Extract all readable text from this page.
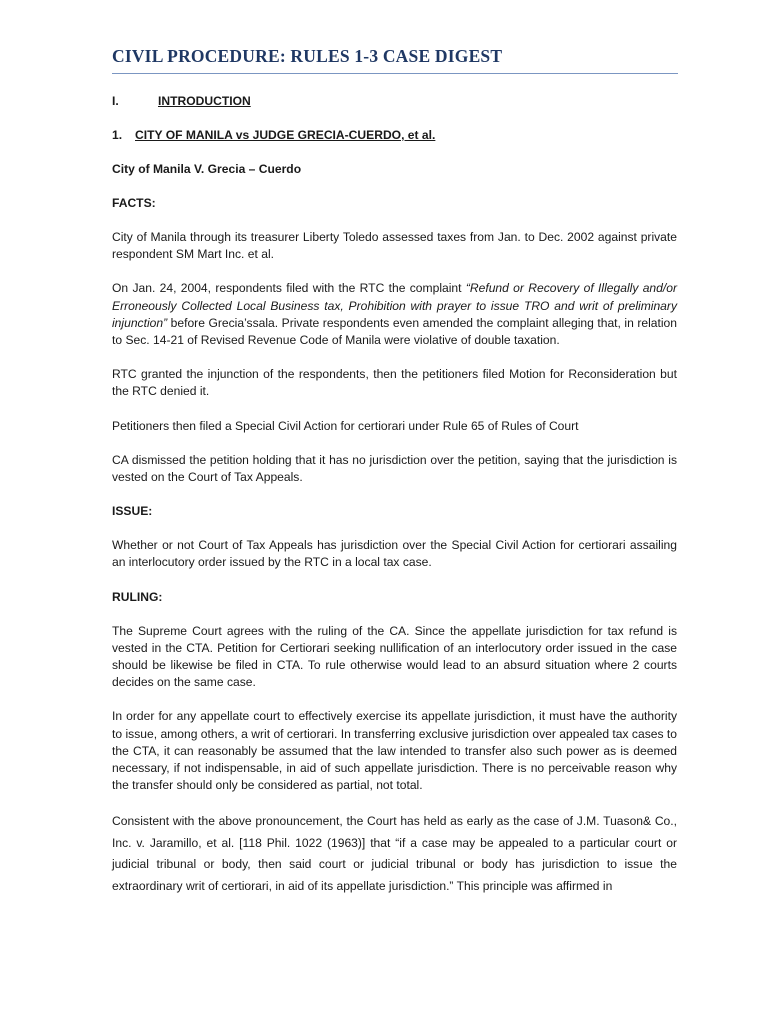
CIVIL PROCEDURE: RULES 1-3 CASE DIGEST
I.	INTRODUCTION
1. CITY OF MANILA vs JUDGE GRECIA-CUERDO, et al.
City of Manila V. Grecia – Cuerdo
FACTS:

City of Manila through its treasurer Liberty Toledo assessed taxes from Jan. to Dec. 2002 against private respondent SM Mart Inc. et al.

On Jan. 24, 2004, respondents filed with the RTC the complaint “Refund or Recovery of Illegally and/or Erroneously Collected Local Business tax, Prohibition with prayer to issue TRO and writ of preliminary injunction” before Grecia’ssala. Private respondents even amended the complaint alleging that, in relation to Sec. 14-21 of Revised Revenue Code of Manila were violative of double taxation.

RTC granted the injunction of the respondents, then the petitioners filed Motion for Reconsideration but the RTC denied it.

Petitioners then filed a Special Civil Action for certiorari under Rule 65 of Rules of Court

CA dismissed the petition holding that it has no jurisdiction over the petition, saying that the jurisdiction is vested on the Court of Tax Appeals.

ISSUE:

Whether or not Court of Tax Appeals has jurisdiction over the Special Civil Action for certiorari assailing an interlocutory order issued by the RTC in a local tax case.

RULING:

The Supreme Court agrees with the ruling of the CA. Since the appellate jurisdiction for tax refund is vested in the CTA. Petition for Certiorari seeking nullification of an interlocutory order issued in the case should be likewise be filed in CTA. To rule otherwise would lead to an absurd situation where 2 courts decides on the same case.

In order for any appellate court to effectively exercise its appellate jurisdiction, it must have the authority to issue, among others, a writ of certiorari. In transferring exclusive jurisdiction over appealed tax cases to the CTA, it can reasonably be assumed that the law intended to transfer also such power as is deemed necessary, if not indispensable, in aid of such appellate jurisdiction. There is no perceivable reason why the transfer should only be considered as partial, not total.

Consistent with the above pronouncement, the Court has held as early as the case of J.M. Tuason& Co., Inc. v. Jaramillo, et al. [118 Phil. 1022 (1963)] that “if a case may be appealed to a particular court or judicial tribunal or body, then said court or judicial tribunal or body has jurisdiction to issue the extraordinary writ of certiorari, in aid of its appellate jurisdiction.” This principle was affirmed in
